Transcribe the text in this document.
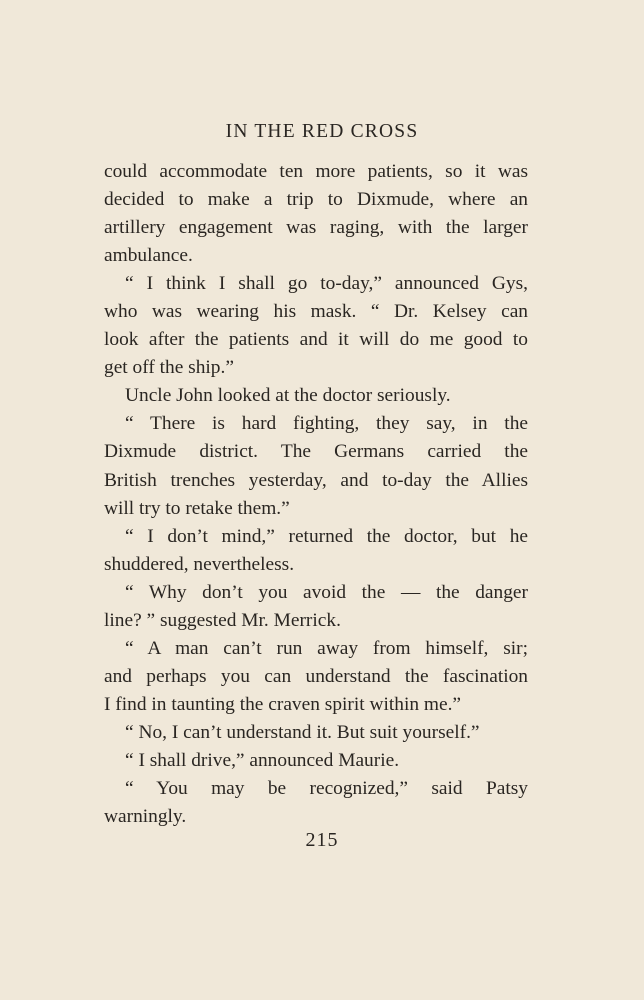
IN THE RED CROSS
could accommodate ten more patients, so it was
decided to make a trip to Dixmude, where an
artillery engagement was raging, with the larger
ambulance.
“ I think I shall go to-day,” announced Gys,
who was wearing his mask. “ Dr. Kelsey can
look after the patients and it will do me good to
get off the ship.”
Uncle John looked at the doctor seriously.
“ There is hard fighting, they say, in the
Dixmude district. The Germans carried the
British trenches yesterday, and to-day the Allies
will try to retake them.”
“ I don’t mind,” returned the doctor, but he
shuddered, nevertheless.
“ Why don’t you avoid the — the danger
line? ” suggested Mr. Merrick.
“ A man can’t run away from himself, sir;
and perhaps you can understand the fascination
I find in taunting the craven spirit within me.”
“ No, I can’t understand it. But suit yourself.”
“ I shall drive,” announced Maurie.
“ You may be recognized,” said Patsy
warningly.
215
